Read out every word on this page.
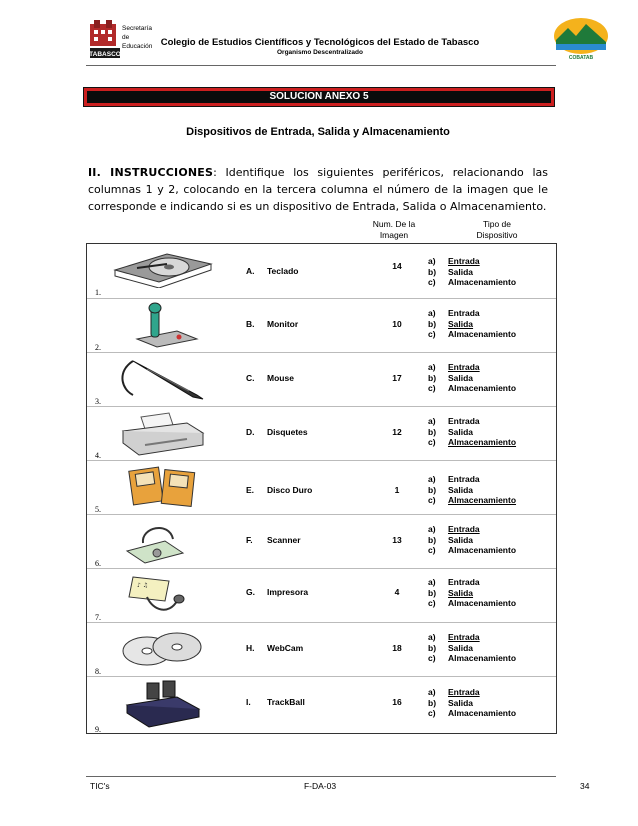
TABASCO
Secretaría
de
Educación Colegio de Estudios Científicos y Tecnológicos del Estado de Tabasco
Organismo Descentralizado
COBATAB
SOLUCION ANEXO 5
Dispositivos de Entrada, Salida y Almacenamiento
II. INSTRUCCIONES: Identifique los siguientes periféricos, relacionando las columnas 1 y 2, colocando en la tercera columna el número de la imagen que le corresponde e indicando si es un dispositivo de Entrada, Salida o Almacenamiento.
Num. De la
Imagen
Tipo de
Dispositivo
1.
A. Teclado	14	a) Entrada
b) Salida
c) Almacenamiento
2.
B. Monitor	10
a) Entrada
b) Salida
c) Almacenamiento
3.
C. Mouse	17
a) Entrada
b) Salida
c) Almacenamiento
4.
D. Disquetes	12
a) Entrada
b) Salida
c) Almacenamiento
5.
E. Disco Duro	1
a) Entrada
b) Salida
c) Almacenamiento
6.
F. Scanner	13
a) Entrada
b) Salida
c) Almacenamiento
♪ ♫
7.
G. Impresora	4
a) Entrada
b) Salida
c) Almacenamiento
8.
H. WebCam	18
a) Entrada
b) Salida
c) Almacenamiento
9.
I. TrackBall	16
a) Entrada
b) Salida
c) Almacenamiento
TIC's	F-DA-03	34
